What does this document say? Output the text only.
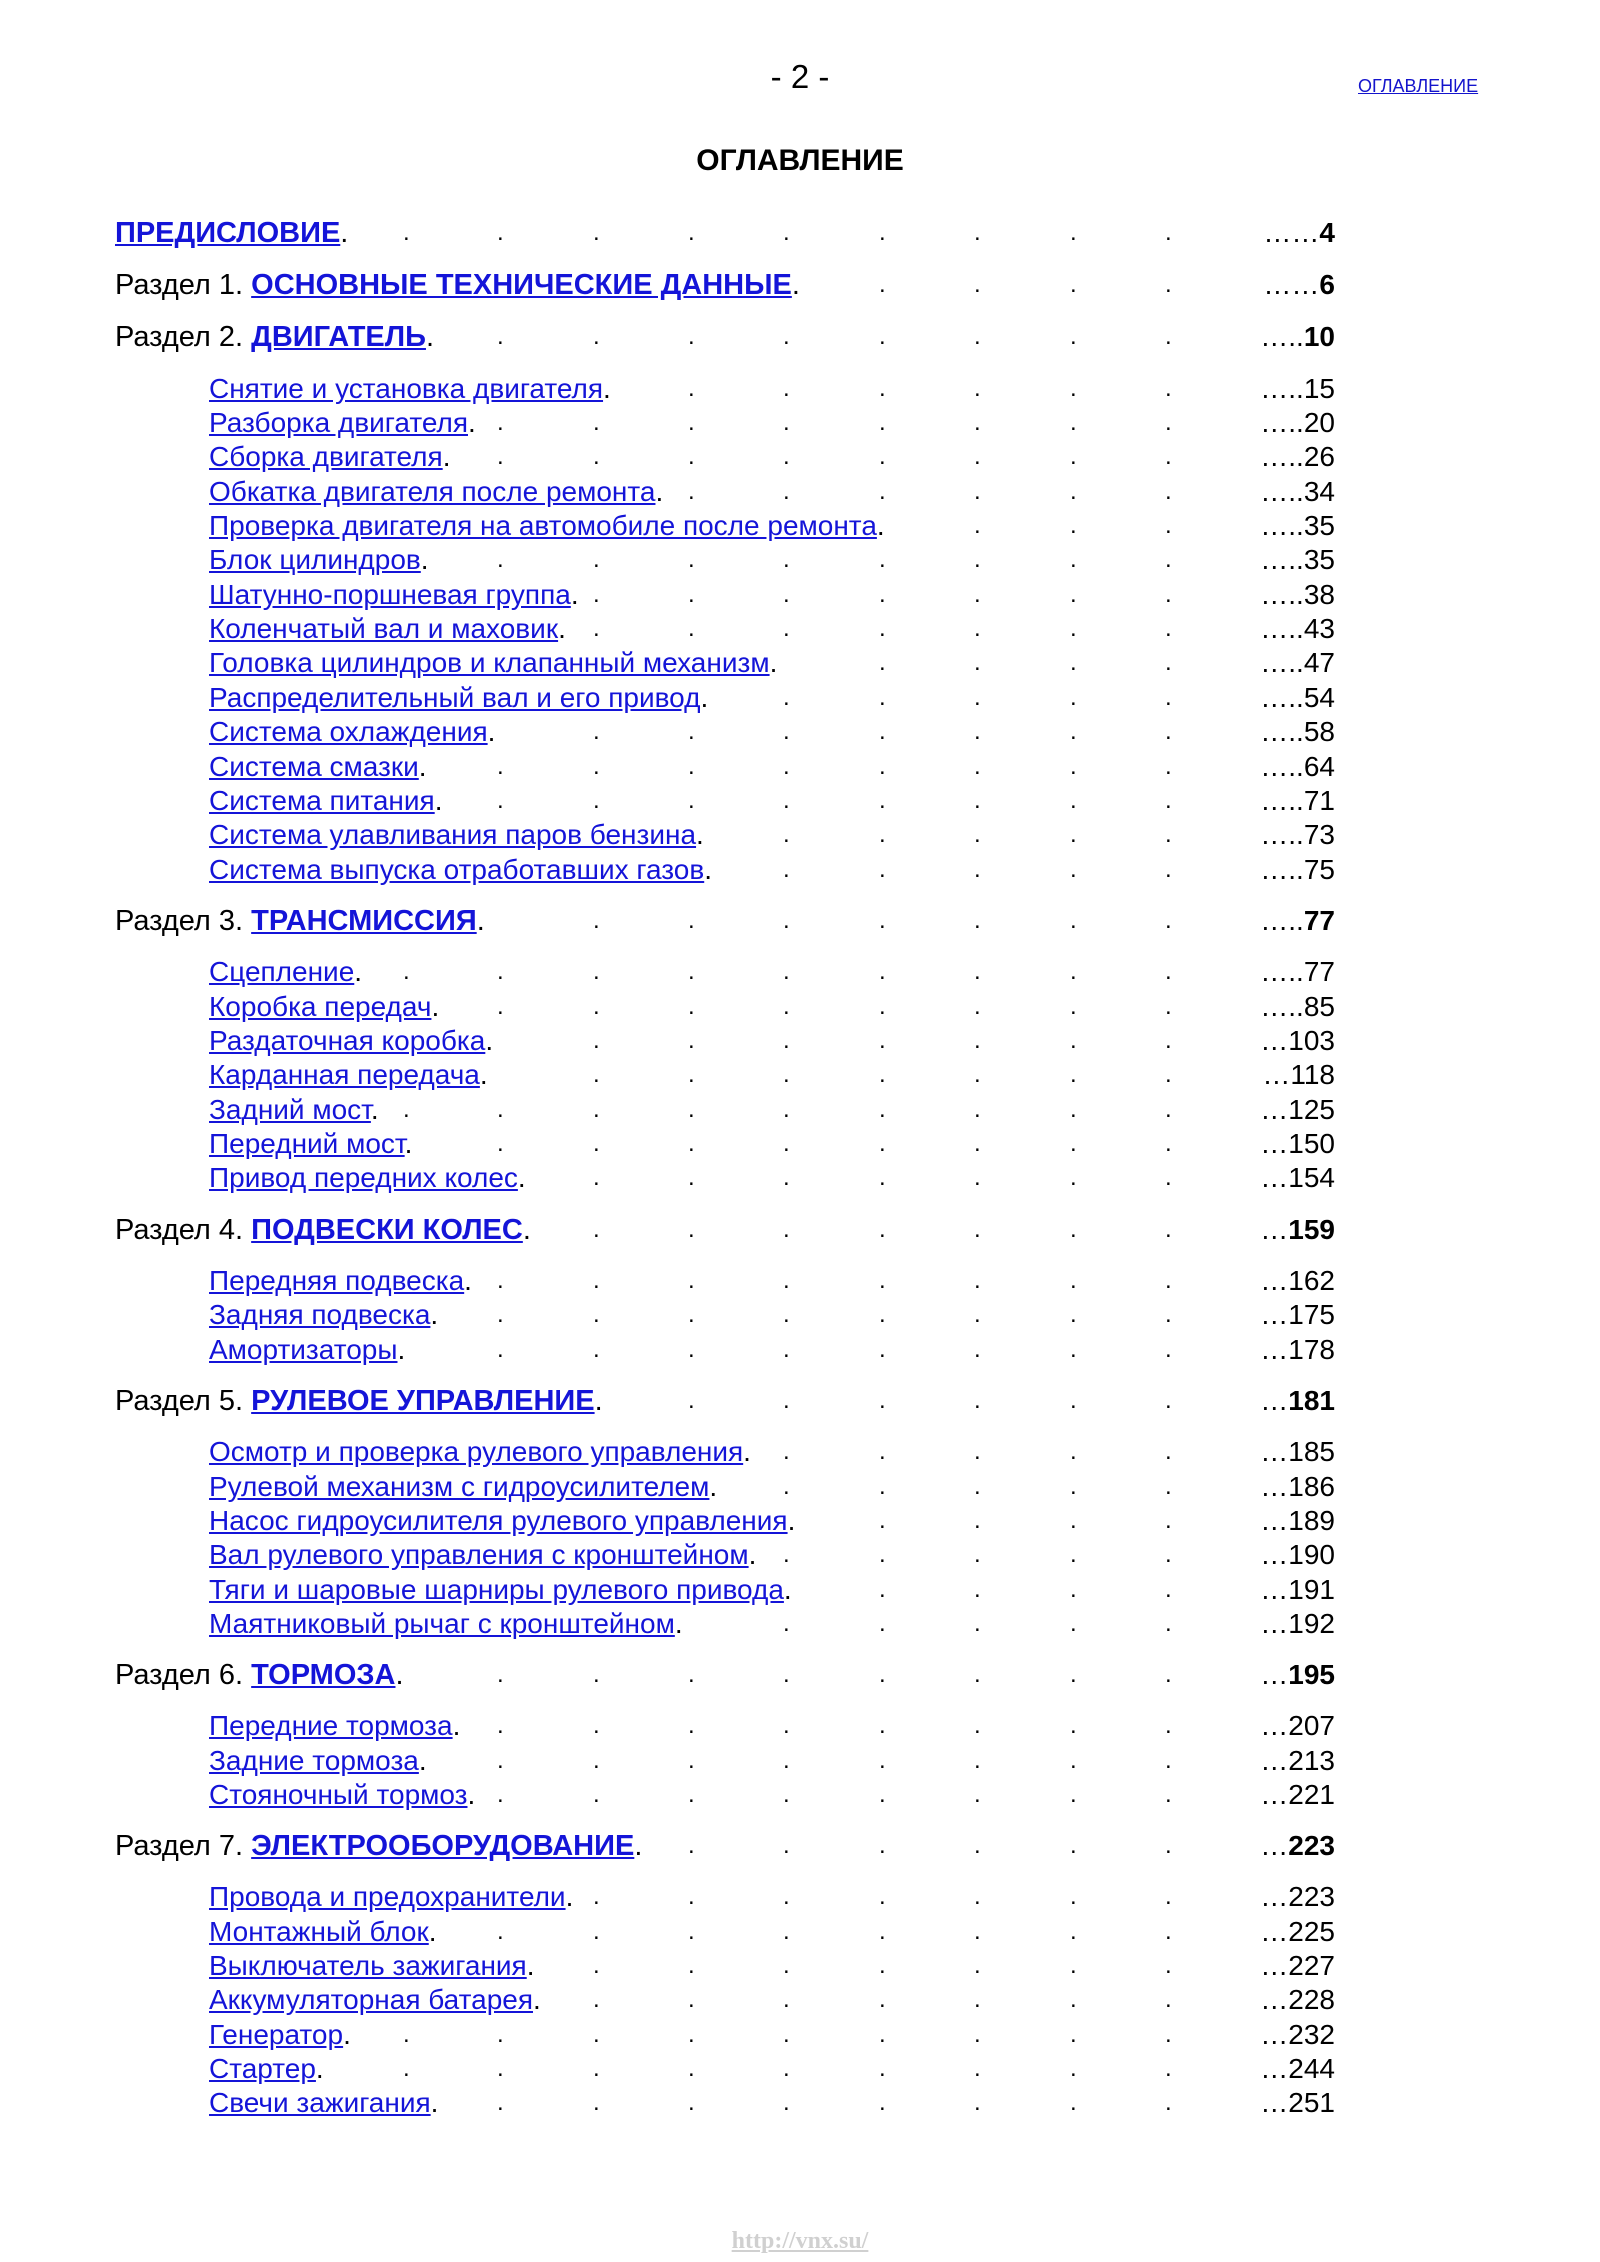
- 2 -	ОГЛАВЛЕНИЕ
ОГЛАВЛЕНИЕ
ПРЕДИСЛОВИЕ.	……4
.	.	.	.	.	.	.	.	.
Раздел 1. ОСНОВНЫЕ ТЕХНИЧЕСКИЕ ДАННЫЕ.	……6
.	.	.	.
Раздел 2. ДВИГАТЕЛЬ.	…..10
.	.	.	.	.	.	.	.
Снятие и установка двигателя.	…..15
.	.	.	.	.	.
Разборка двигателя.	…..20
.	.	.	.	.	.	.	.
Сборка двигателя.	…..26
.	.	.	.	.	.	.	.
Обкатка двигателя после ремонта.	…..34
.	.	.	.	.	.
Проверка двигателя на автомобиле после ремонта.	…..35
.	.	.
Блок цилиндров.	…..35
.	.	.	.	.	.	.	.
Шатунно-поршневая группа.	…..38
.	.	.	.	.	.	.
Коленчатый вал и маховик.	…..43
.	.	.	.	.	.	.
Головка цилиндров и клапанный механизм.	…..47
.	.	.	.
Распределительный вал и его привод.	…..54
.	.	.	.	.
Система охлаждения.	…..58
.	.	.	.	.	.	.
Система смазки.	…..64
.	.	.	.	.	.	.	.
Система питания.	…..71
.	.	.	.	.	.	.	.
Система улавливания паров бензина.	…..73
.	.	.	.	.
Система выпуска отработавших газов.	…..75
.	.	.	.	.
Раздел 3. ТРАНСМИССИЯ.	…..77
.	.	.	.	.	.	.
Сцепление.	…..77
.	.	.	.	.	.	.	.	.
Коробка передач.	…..85
.	.	.	.	.	.	.	.
Раздаточная коробка.	…103
.	.	.	.	.	.	.
Карданная передача.	…118
.	.	.	.	.	.	.
Задний мост.	…125
.	.	.	.	.	.	.	.	.
Передний мост.	…150
.	.	.	.	.	.	.	.
Привод передних колес.	…154
.	.	.	.	.	.	.
Раздел 4. ПОДВЕСКИ КОЛЕС.	…159
.	.	.	.	.	.	.
Передняя подвеска.	…162
.	.	.	.	.	.	.	.
Задняя подвеска.	…175
.	.	.	.	.	.	.	.
Амортизаторы.	…178
.	.	.	.	.	.	.	.
Раздел 5. РУЛЕВОЕ УПРАВЛЕНИЕ.	…181
.	.	.	.	.	.
Осмотр и проверка рулевого управления.	…185
.	.	.	.	.
Рулевой механизм с гидроусилителем.	…186
.	.	.	.	.
Насос гидроусилителя рулевого управления.	…189
.	.	.	.
Вал рулевого управления с кронштейном.	…190
.	.	.	.	.
Тяги и шаровые шарниры рулевого привода.	…191
.	.	.	.
Маятниковый рычаг с кронштейном.	…192
.	.	.	.	.
Раздел 6. ТОРМОЗА.	…195
.	.	.	.	.	.	.	.
Передние тормоза.	…207
.	.	.	.	.	.	.	.
Задние тормоза.	…213
.	.	.	.	.	.	.	.
Стояночный тормоз.	…221
.	.	.	.	.	.	.	.
Раздел 7. ЭЛЕКТРООБОРУДОВАНИЕ.	…223
.	.	.	.	.	.
Провода и предохранители.	…223
.	.	.	.	.	.	.
Монтажный блок.	…225
.	.	.	.	.	.	.	.
Выключатель зажигания.	…227
.	.	.	.	.	.	.
Аккумуляторная батарея.	…228
.	.	.	.	.	.	.
Генератор.	…232
.	.	.	.	.	.	.	.	.
Стартер.	…244
.	.	.	.	.	.	.	.	.
Свечи зажигания.	…251
.	.	.	.	.	.	.	.
http://vnx.su/
